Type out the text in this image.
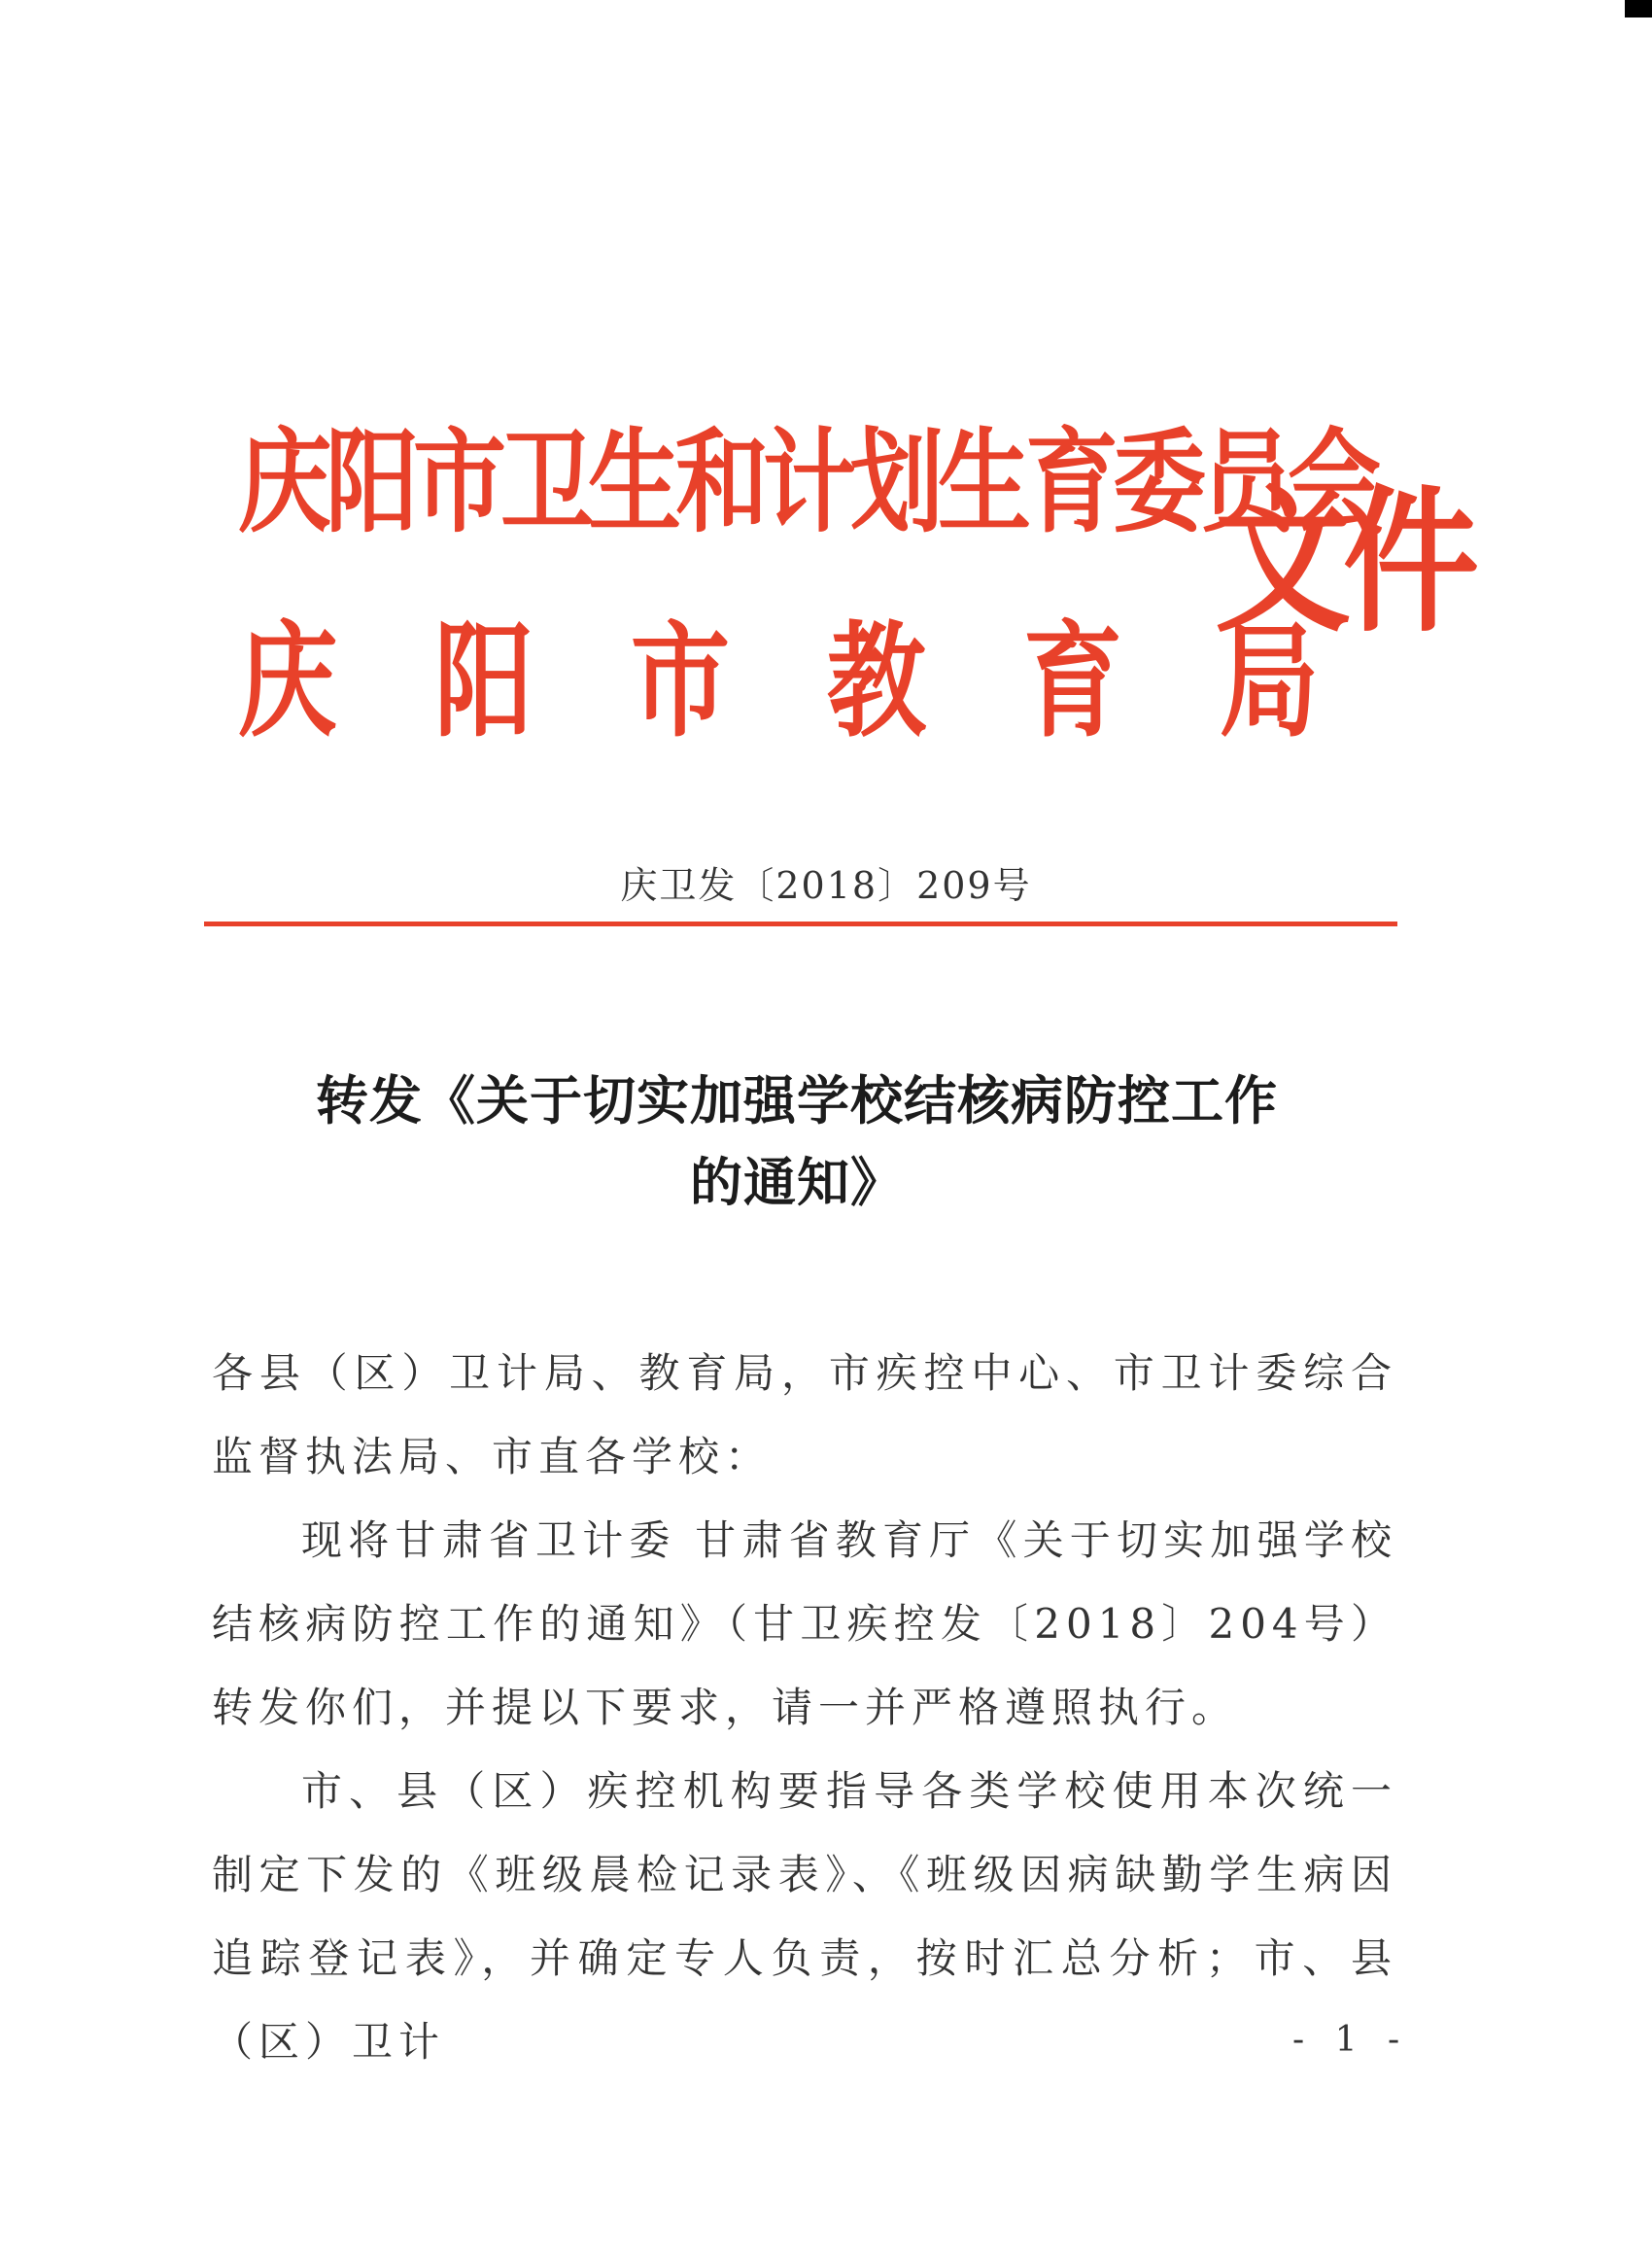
庆阳市卫生和计划生育委员会
庆阳市教育局
文件
庆卫发〔2018〕209号
转发《关于切实加强学校结核病防控工作
的通知》

各县（区）卫计局、教育局，市疾控中心、市卫计委综合监督执法局、市直各学校：

现将甘肃省卫计委 甘肃省教育厅《关于切实加强学校结核病防控工作的通知》（甘卫疾控发〔2018〕204号）转发你们，并提以下要求，请一并严格遵照执行。

市、县（区）疾控机构要指导各类学校使用本次统一制定下发的《班级晨检记录表》、《班级因病缺勤学生病因追踪登记表》，并确定专人负责，按时汇总分析；市、县（区）卫计	- 1 -
